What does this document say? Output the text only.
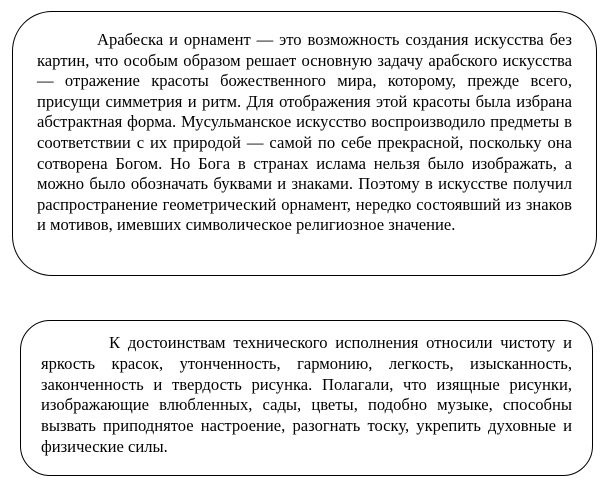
Арабеска и орнамент — это возможность создания искусства без картин, что особым образом решает основную задачу арабского искусства — отражение красоты божественного мира, которому, прежде всего, присущи симметрия и ритм. Для отображения этой красоты была избрана абстрактная форма. Мусульманское искусство воспроизводило предметы в соответствии с их природой — самой по себе прекрасной, поскольку она сотворена Богом. Но Бога в странах ислама нельзя было изображать, а можно было обозначать буквами и знаками. Поэтому в искусстве получил распространение геометрический орнамент, нередко состоявший из знаков и мотивов, имевших символическое религиозное значение.

К достоинствам технического исполнения относили чистоту и яркость красок, утонченность, гармонию, легкость, изысканность, законченность и твердость рисунка. Полагали, что изящные рисунки, изображающие влюбленных, сады, цветы, подобно музыке, способны вызвать приподнятое настроение, разогнать тоску, укрепить духовные и физические силы.
